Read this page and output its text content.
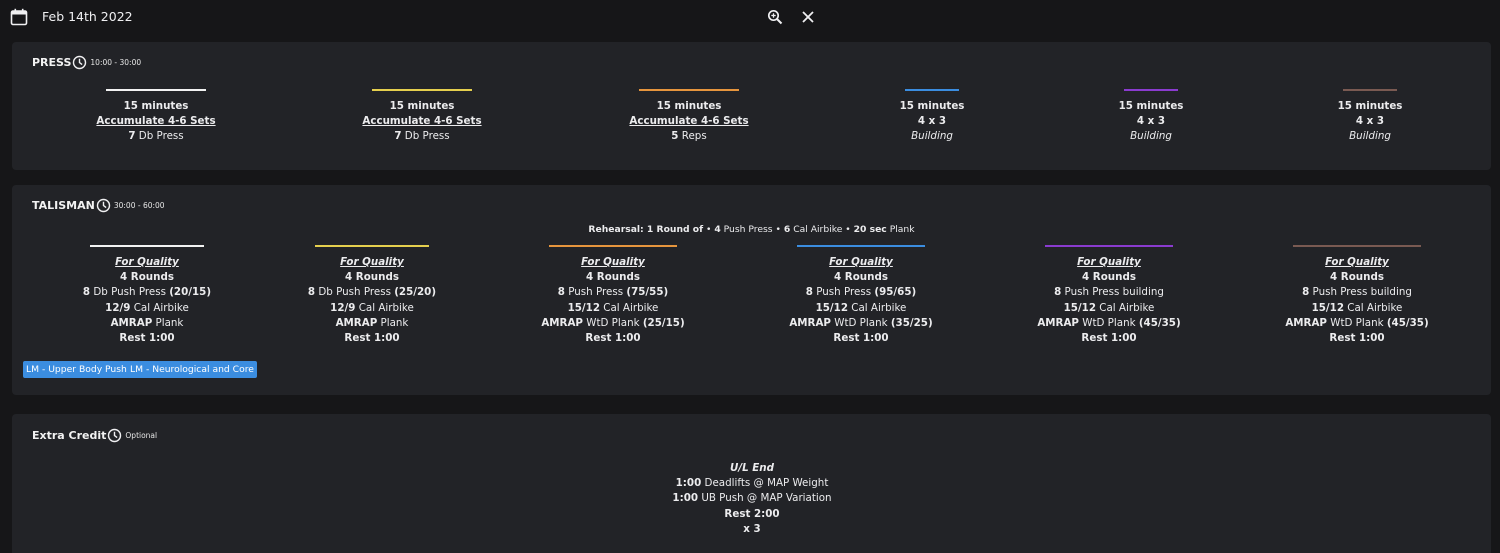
Feb 14th 2022
PRESS	10:00 - 30:00
15 minutes
Accumulate 4-6 Sets
7 Db Press
15 minutes
Accumulate 4-6 Sets
7 Db Press
15 minutes
Accumulate 4-6 Sets
5 Reps
15 minutes
4 x 3
Building
15 minutes
4 x 3
Building
15 minutes
4 x 3
Building
TALISMAN	30:00 - 60:00
Rehearsal: 1 Round of • 4 Push Press • 6 Cal Airbike • 20 sec Plank
For Quality
4 Rounds
8 Db Push Press (20/15)
12/9 Cal Airbike
AMRAP Plank
Rest 1:00
For Quality
4 Rounds
8 Db Push Press (25/20)
12/9 Cal Airbike
AMRAP Plank
Rest 1:00
For Quality
4 Rounds
8 Push Press (75/55)
15/12 Cal Airbike
AMRAP WtD Plank (25/15)
Rest 1:00
For Quality
4 Rounds
8 Push Press (95/65)
15/12 Cal Airbike
AMRAP WtD Plank (35/25)
Rest 1:00
For Quality
4 Rounds
8 Push Press building
15/12 Cal Airbike
AMRAP WtD Plank (45/35)
Rest 1:00
For Quality
4 Rounds
8 Push Press building
15/12 Cal Airbike
AMRAP WtD Plank (45/35)
Rest 1:00
LM - Upper Body Push LM - Neurological and Core
Extra Credit	Optional
U/L End
1:00 Deadlifts @ MAP Weight
1:00 UB Push @ MAP Variation
Rest 2:00
x 3
